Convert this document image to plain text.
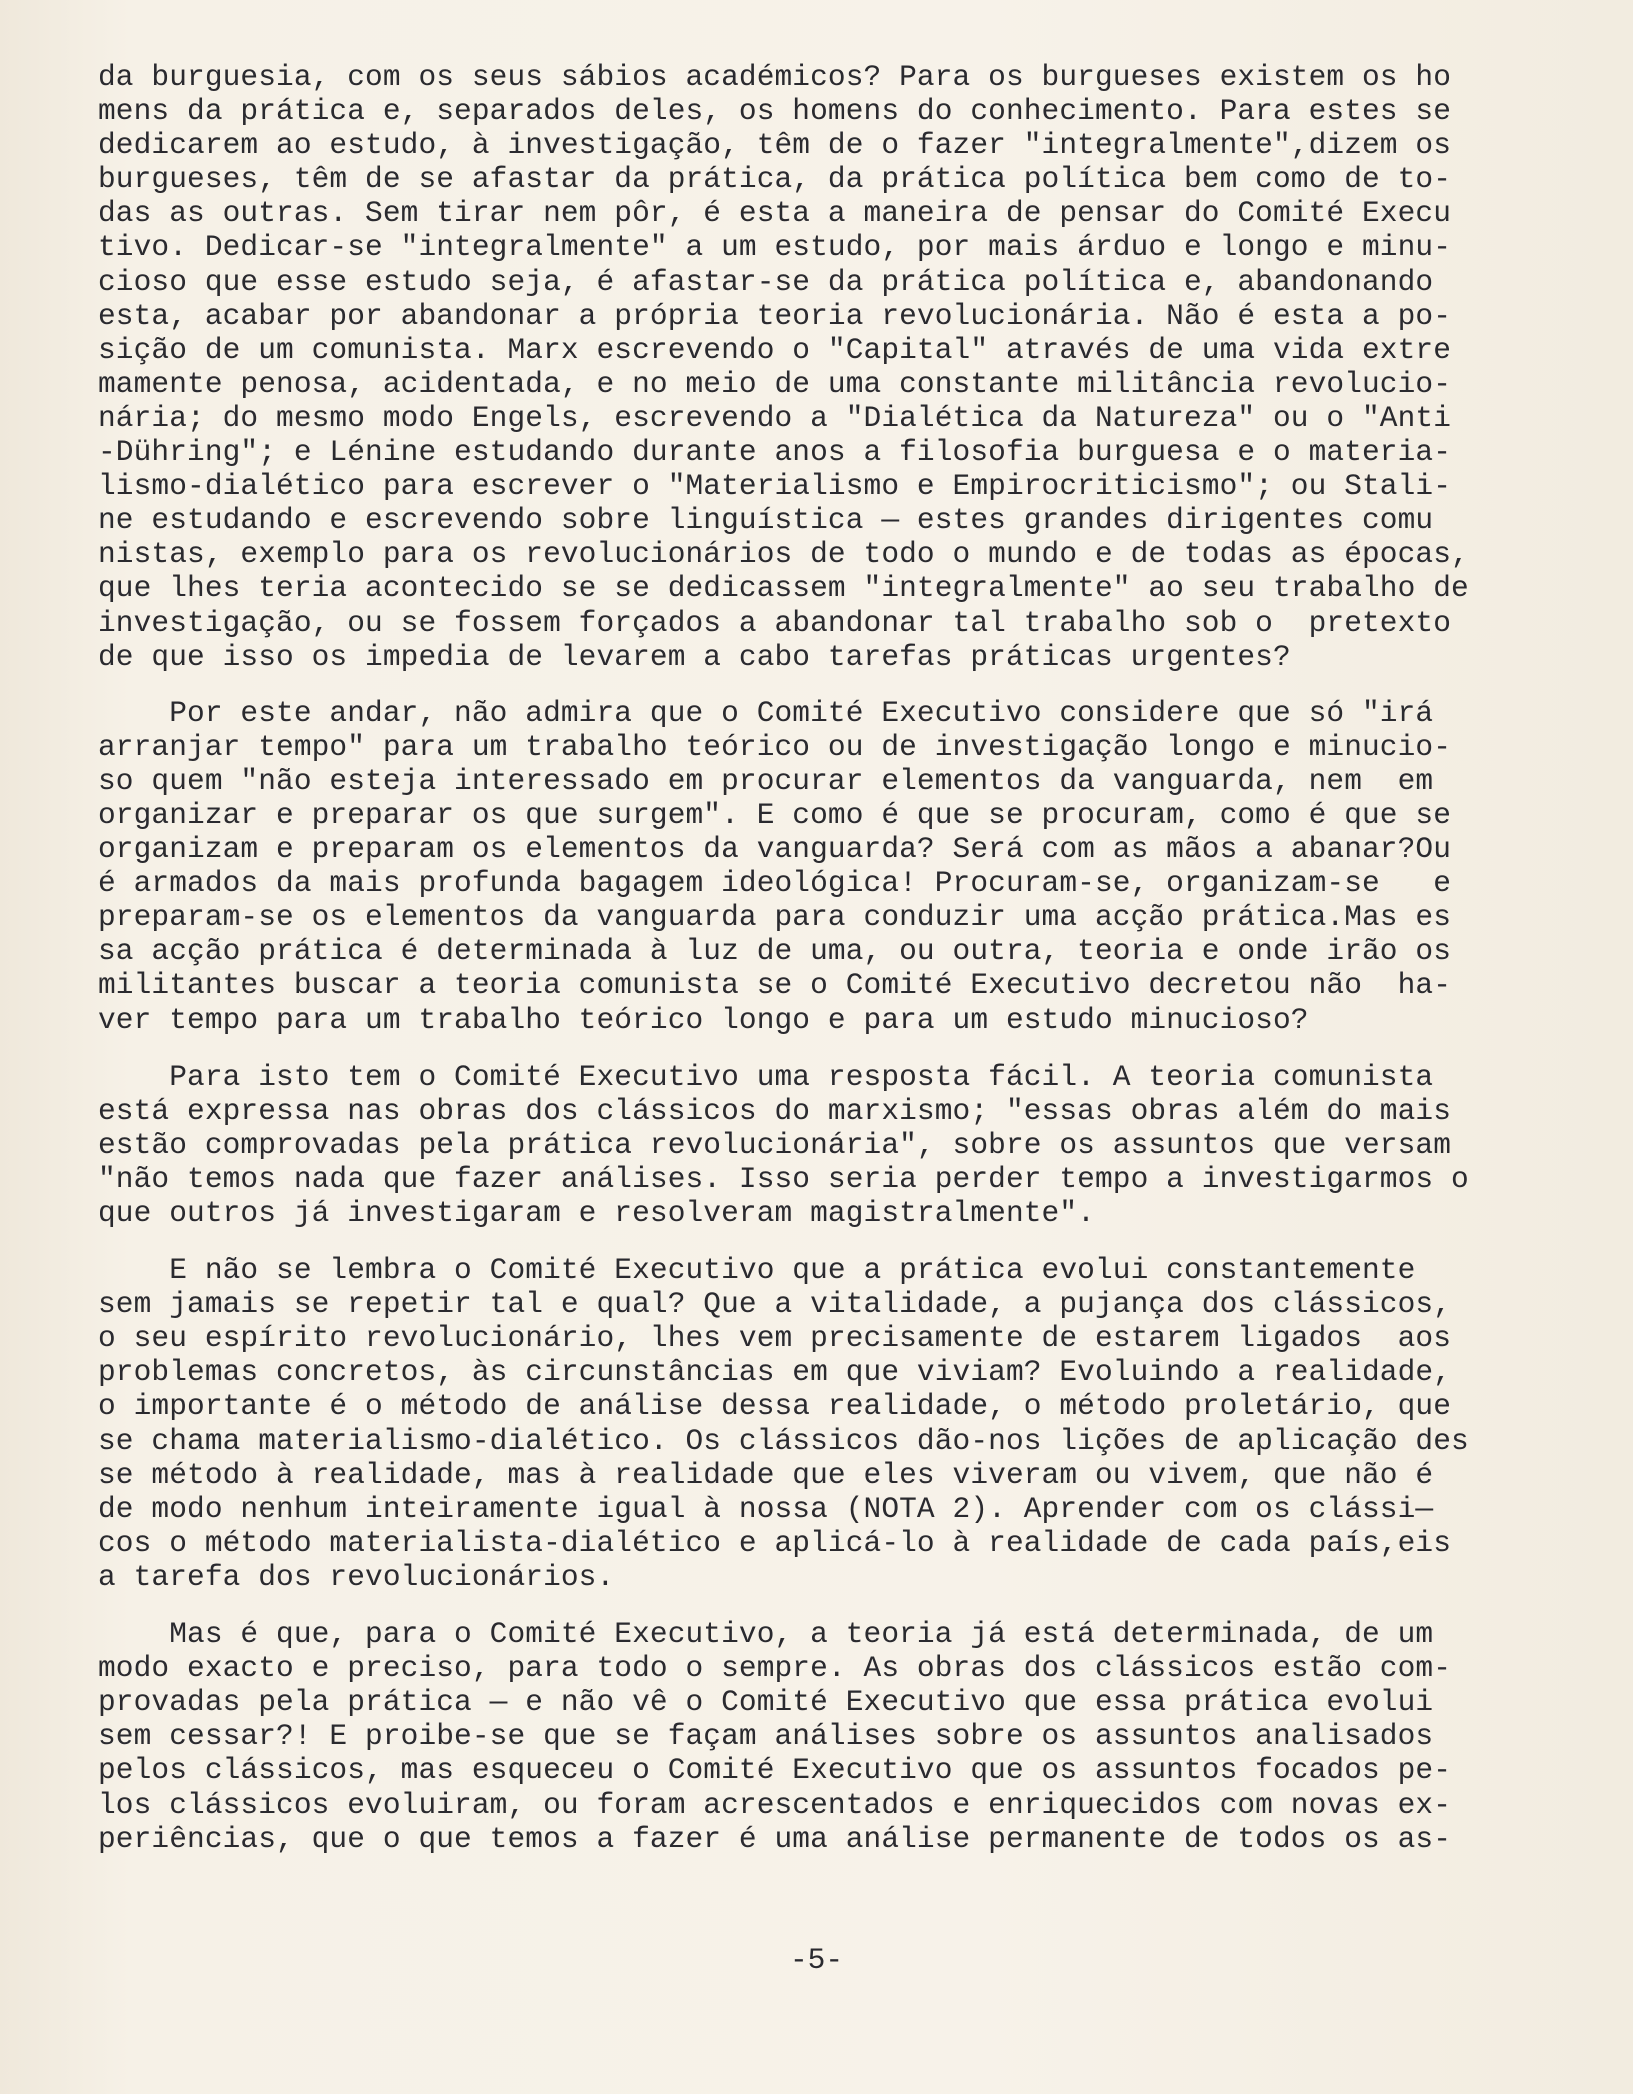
da burguesia, com os seus sábios académicos? Para os burgueses existem os ho
mens da prática e, separados deles, os homens do conhecimento. Para estes se
dedicarem ao estudo, à investigação, têm de o fazer "integralmente",dizem os
burgueses, têm de se afastar da prática, da prática política bem como de to-
das as outras. Sem tirar nem pôr, é esta a maneira de pensar do Comité Execu
tivo. Dedicar-se "integralmente" a um estudo, por mais árduo e longo e minu-
cioso que esse estudo seja, é afastar-se da prática política e, abandonando
esta, acabar por abandonar a própria teoria revolucionária. Não é esta a po-
sição de um comunista. Marx escrevendo o "Capital" através de uma vida extre
mamente penosa, acidentada, e no meio de uma constante militância revolucio-
nária; do mesmo modo Engels, escrevendo a "Dialética da Natureza" ou o "Anti
-Dühring"; e Lénine estudando durante anos a filosofia burguesa e o materia-
lismo-dialético para escrever o "Materialismo e Empirocriticismo"; ou Stali-
ne estudando e escrevendo sobre linguística — estes grandes dirigentes comu
nistas, exemplo para os revolucionários de todo o mundo e de todas as épocas,
que lhes teria acontecido se se dedicassem "integralmente" ao seu trabalho de
investigação, ou se fossem forçados a abandonar tal trabalho sob o  pretexto
de que isso os impedia de levarem a cabo tarefas práticas urgentes?
Por este andar, não admira que o Comité Executivo considere que só "irá
arranjar tempo" para um trabalho teórico ou de investigação longo e minucio-
so quem "não esteja interessado em procurar elementos da vanguarda, nem  em
organizar e preparar os que surgem". E como é que se procuram, como é que se
organizam e preparam os elementos da vanguarda? Será com as mãos a abanar?Ou
é armados da mais profunda bagagem ideológica! Procuram-se, organizam-se   e
preparam-se os elementos da vanguarda para conduzir uma acção prática.Mas es
sa acção prática é determinada à luz de uma, ou outra, teoria e onde irão os
militantes buscar a teoria comunista se o Comité Executivo decretou não  ha-
ver tempo para um trabalho teórico longo e para um estudo minucioso?
Para isto tem o Comité Executivo uma resposta fácil. A teoria comunista
está expressa nas obras dos clássicos do marxismo; "essas obras além do mais
estão comprovadas pela prática revolucionária", sobre os assuntos que versam
"não temos nada que fazer análises. Isso seria perder tempo a investigarmos o
que outros já investigaram e resolveram magistralmente".
E não se lembra o Comité Executivo que a prática evolui constantemente
sem jamais se repetir tal e qual? Que a vitalidade, a pujança dos clássicos,
o seu espírito revolucionário, lhes vem precisamente de estarem ligados  aos
problemas concretos, às circunstâncias em que viviam? Evoluindo a realidade,
o importante é o método de análise dessa realidade, o método proletário, que
se chama materialismo-dialético. Os clássicos dão-nos lições de aplicação des
se método à realidade, mas à realidade que eles viveram ou vivem, que não é
de modo nenhum inteiramente igual à nossa (NOTA 2). Aprender com os clássi—
cos o método materialista-dialético e aplicá-lo à realidade de cada país,eis
a tarefa dos revolucionários.
Mas é que, para o Comité Executivo, a teoria já está determinada, de um
modo exacto e preciso, para todo o sempre. As obras dos clássicos estão com-
provadas pela prática — e não vê o Comité Executivo que essa prática evolui
sem cessar?! E proibe-se que se façam análises sobre os assuntos analisados
pelos clássicos, mas esqueceu o Comité Executivo que os assuntos focados pe-
los clássicos evoluiram, ou foram acrescentados e enriquecidos com novas ex-
periências, que o que temos a fazer é uma análise permanente de todos os as-
-5-
